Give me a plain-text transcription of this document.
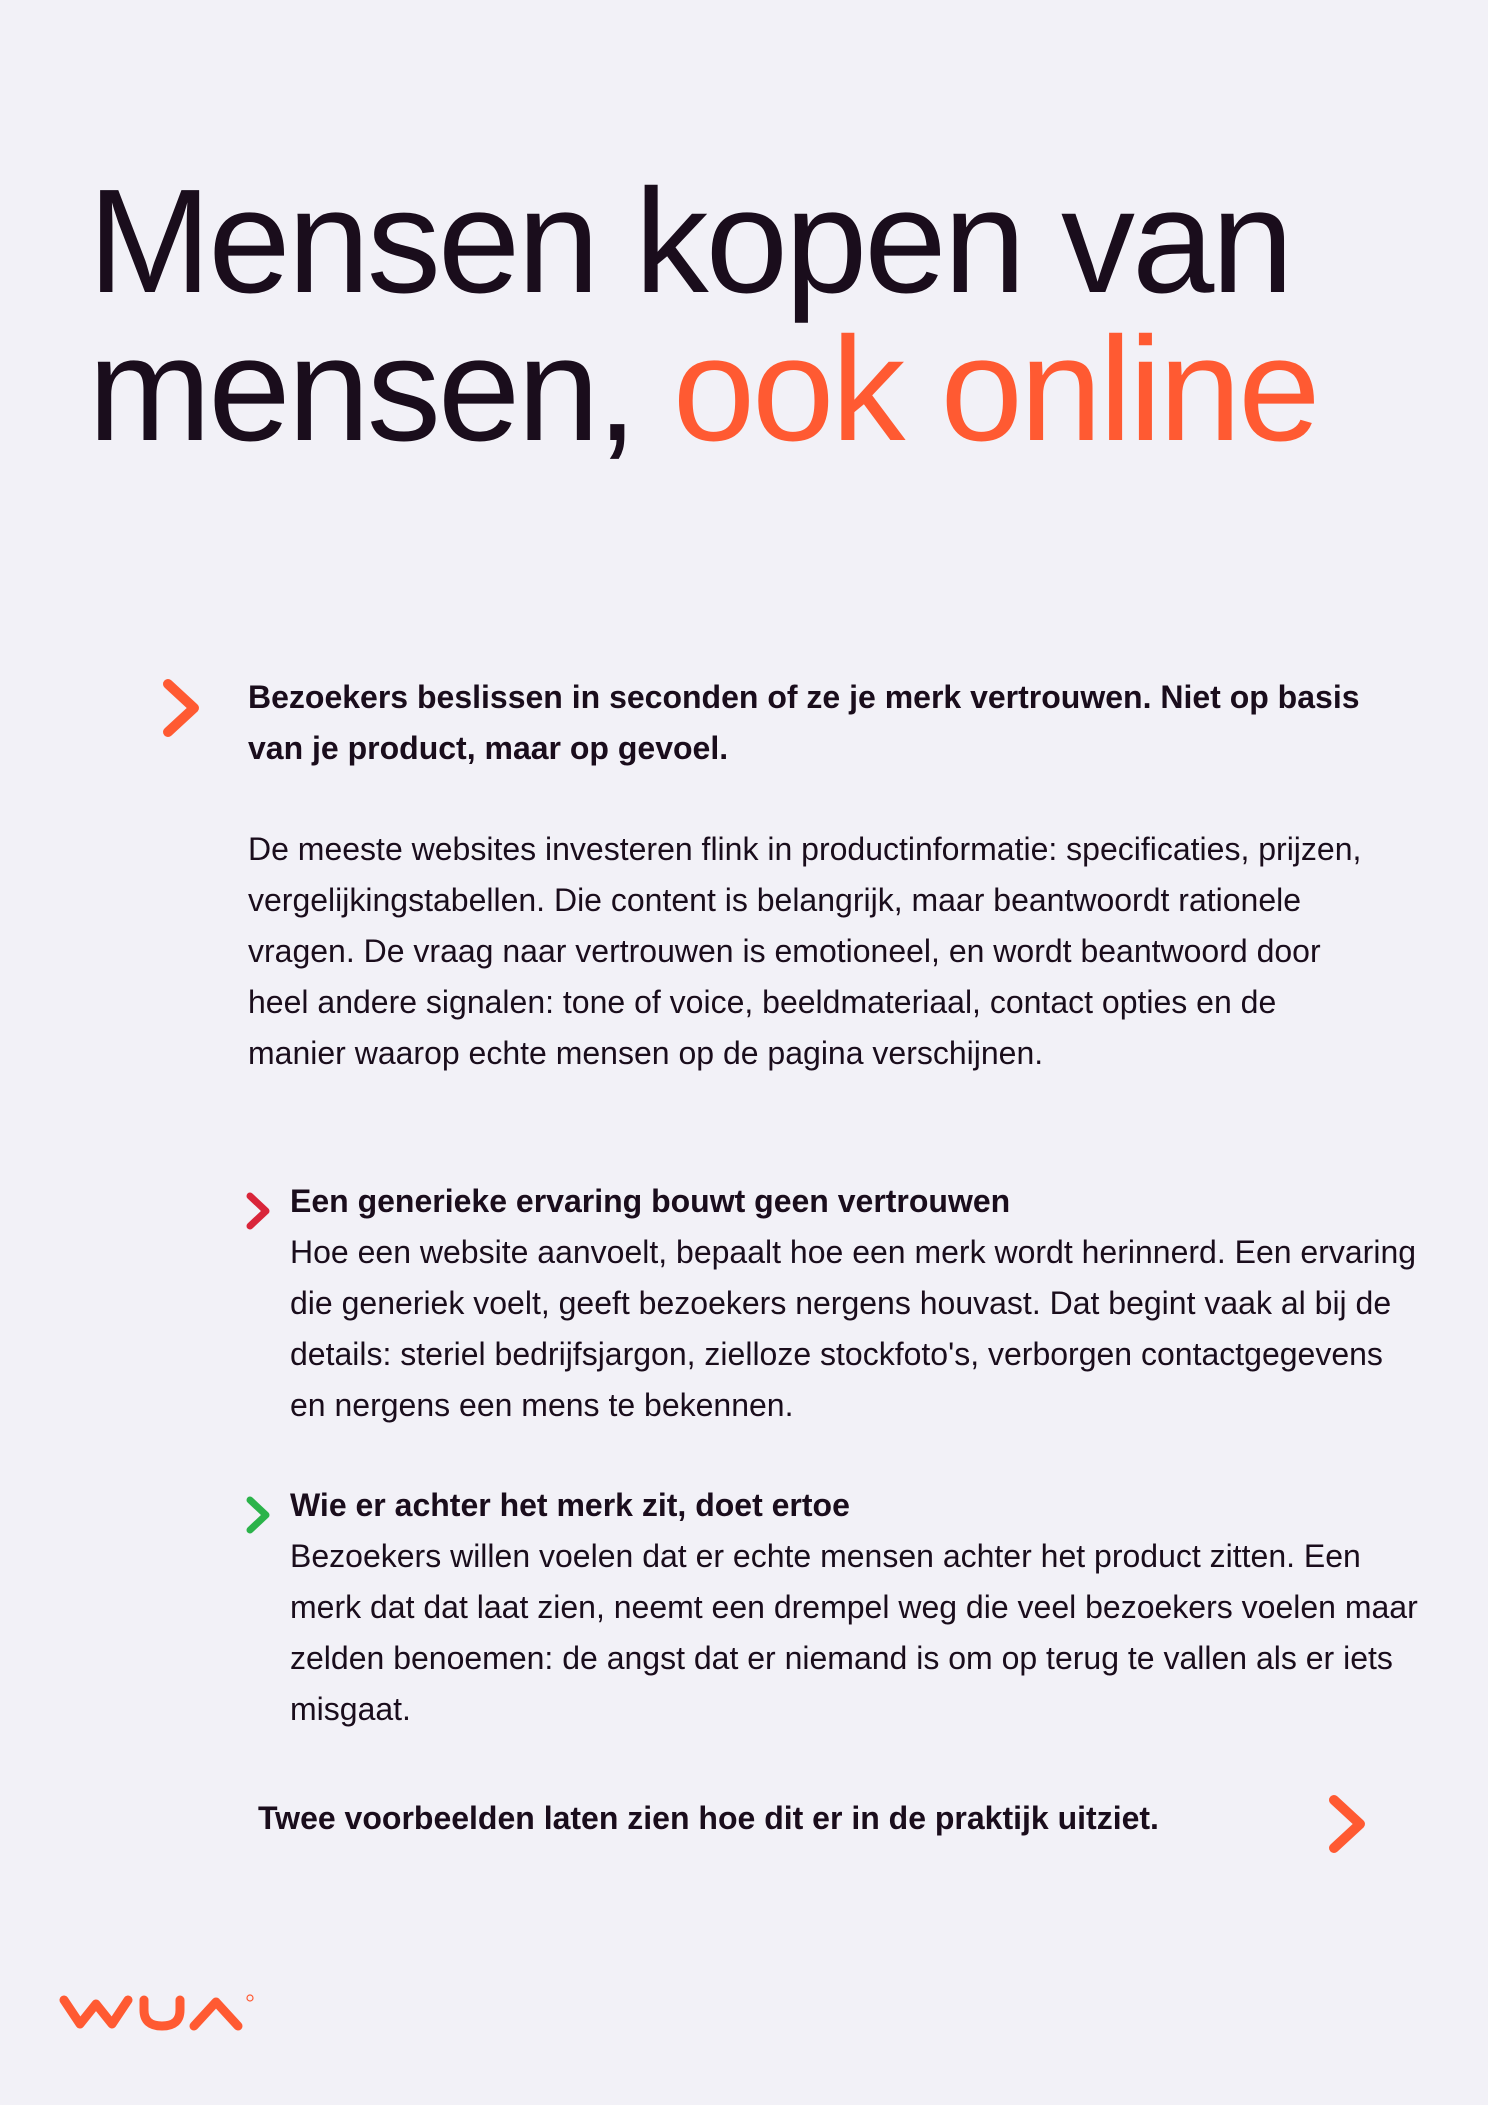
Mensen kopen van mensen, ook online

Bezoekers beslissen in seconden of ze je merk vertrouwen. Niet op basis van je product, maar op gevoel.

De meeste websites investeren flink in productinformatie: specificaties, prijzen, vergelijkingstabellen. Die content is belangrijk, maar beantwoordt rationele vragen. De vraag naar vertrouwen is emotioneel, en wordt beantwoord door heel andere signalen: tone of voice, beeldmateriaal, contact opties en de manier waarop echte mensen op de pagina verschijnen.

Een generieke ervaring bouwt geen vertrouwen
Hoe een website aanvoelt, bepaalt hoe een merk wordt herinnerd. Een ervaring die generiek voelt, geeft bezoekers nergens houvast. Dat begint vaak al bij de details: steriel bedrijfsjargon, zielloze stockfoto's, verborgen contactgegevens en nergens een mens te bekennen.

Wie er achter het merk zit, doet ertoe
Bezoekers willen voelen dat er echte mensen achter het product zitten. Een merk dat dat laat zien, neemt een drempel weg die veel bezoekers voelen maar zelden benoemen: de angst dat er niemand is om op terug te vallen als er iets misgaat.

Twee voorbeelden laten zien hoe dit er in de praktijk uitziet.
